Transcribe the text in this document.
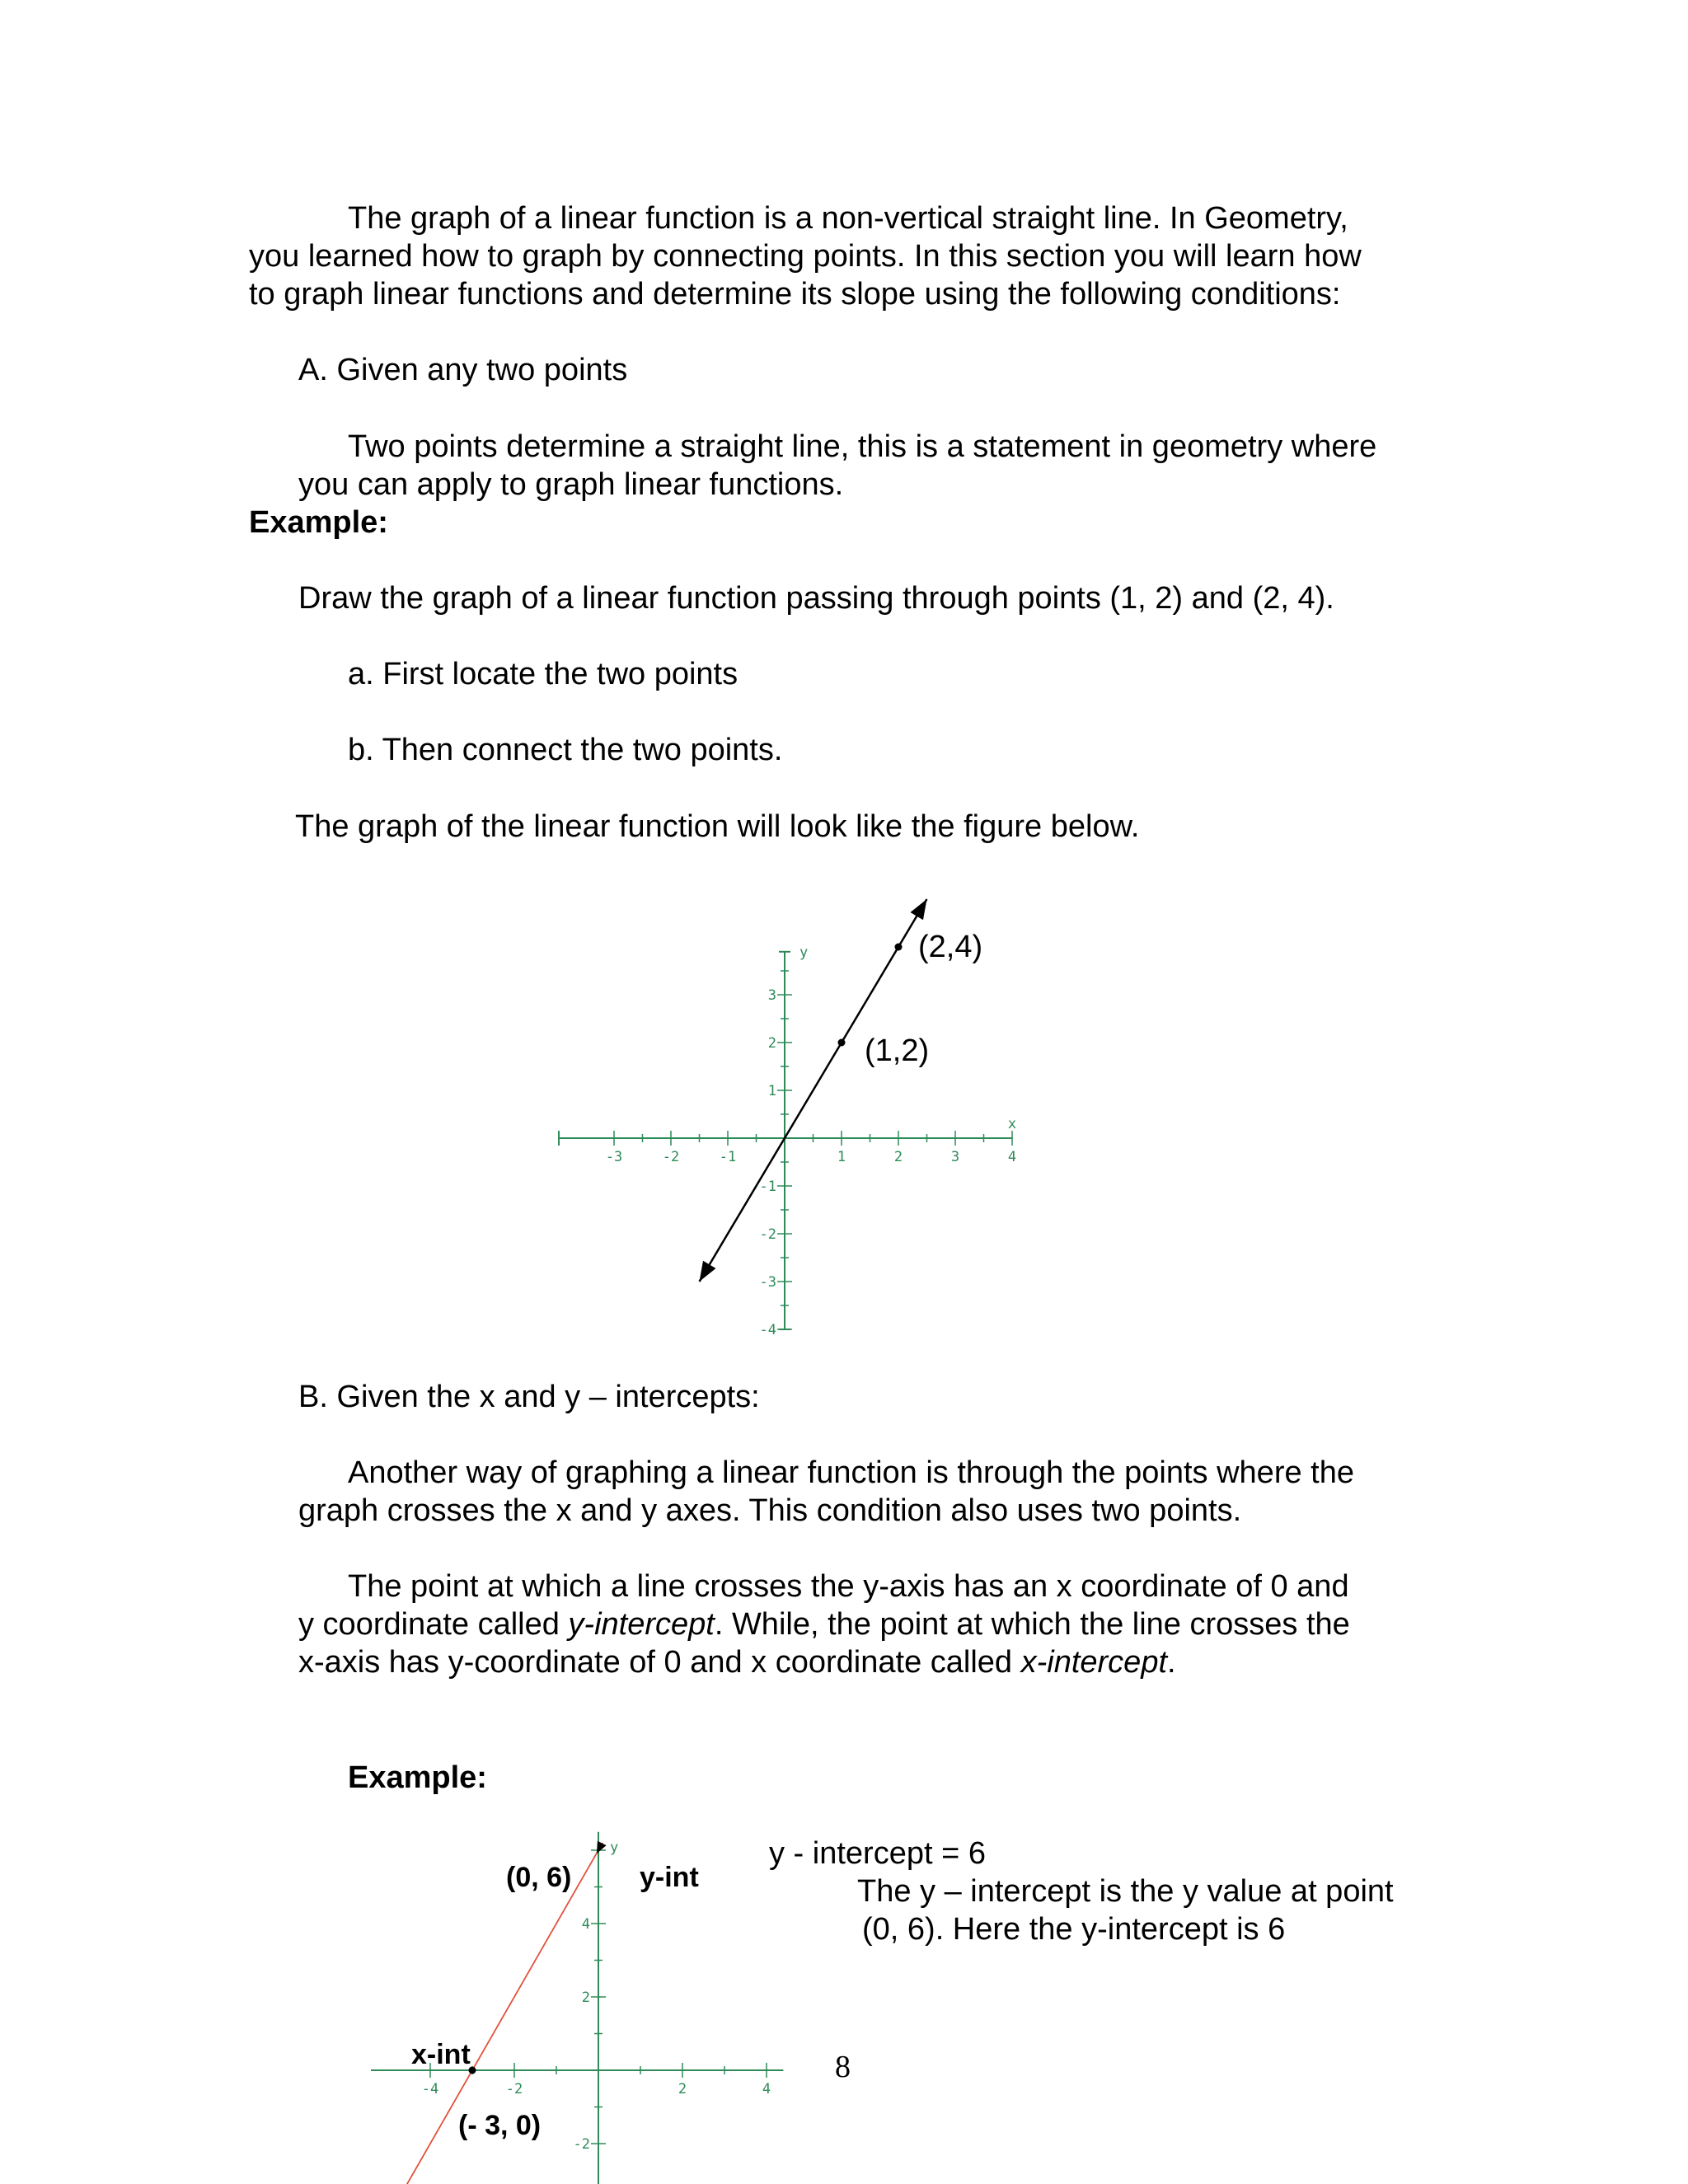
The graph of a linear function is a non-vertical straight line. In Geometry,

you learned how to graph by connecting points. In this section you will learn how

to graph linear functions and determine its slope using the following conditions:

A. Given any two points

Two points determine a straight line, this is a statement in geometry where

you can apply to graph linear functions.

Example:

Draw the graph of a linear function passing through points (1, 2) and (2, 4).

a. First locate the two points

b. Then connect the two points.

The graph of the linear function will look like the figure below.

-3	-2	-1	1	2	3	4
x
3
2
1
-1
-2
-3
-4
y
(1,2)
(2,4)

B. Given the x and y – intercepts:

Another way of graphing a linear function is through the points where the

graph crosses the x and y axes. This condition also uses two points.

The point at which a line crosses the y-axis has an x coordinate of 0 and

y coordinate called y-intercept. While, the point at which the line crosses the

x-axis has y-coordinate of 0 and x coordinate called x-intercept.

Example:

-4	-2	2	4
4
2
-2
y
(0, 6)
(- 3, 0)
y-int
x-int

y - intercept = 6

The y – intercept is the y value at point

(0, 6). Here the y-intercept is 6

8
